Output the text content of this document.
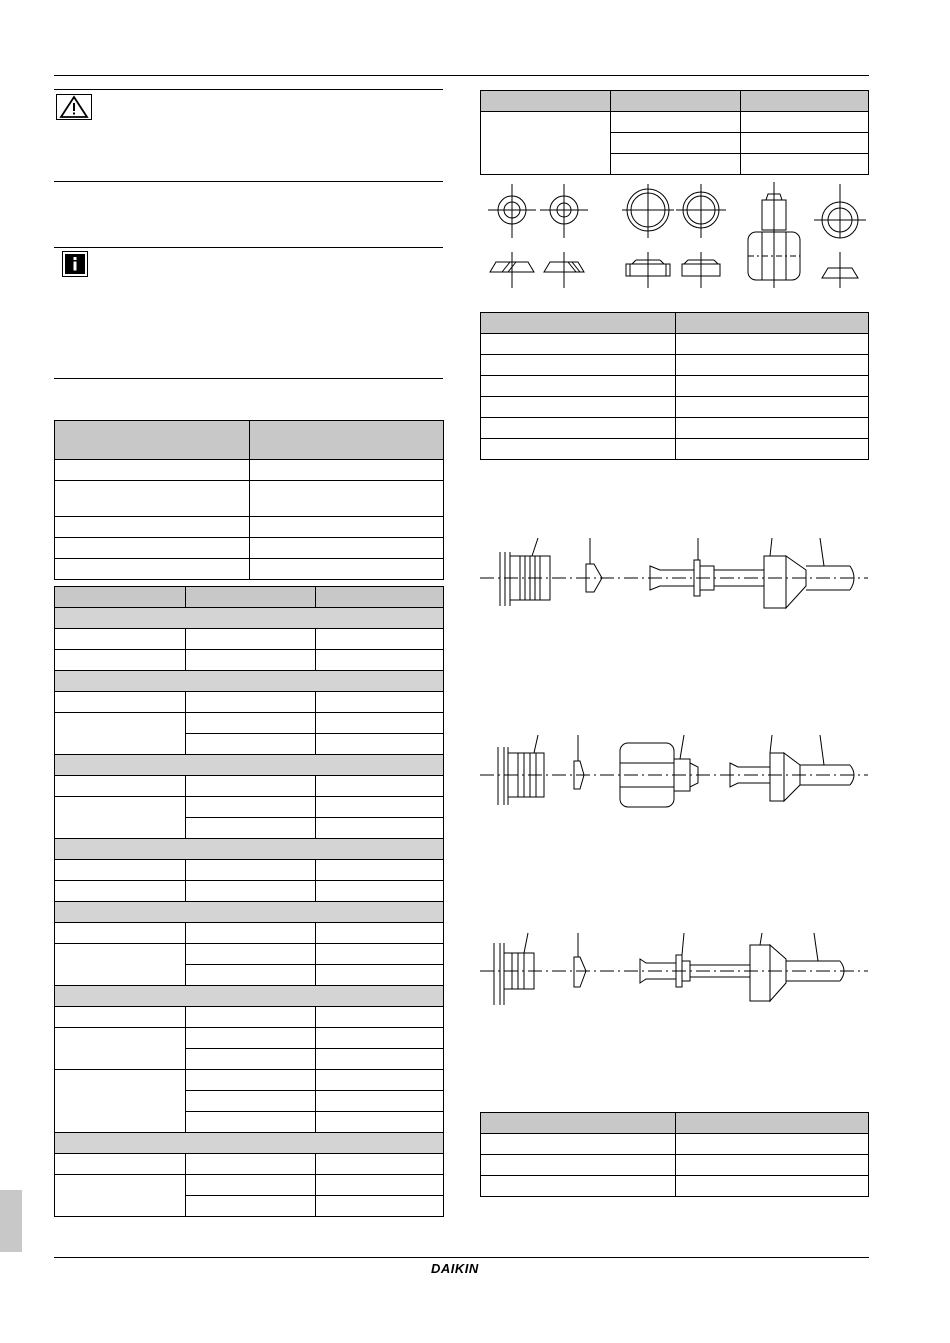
DAIKIN
